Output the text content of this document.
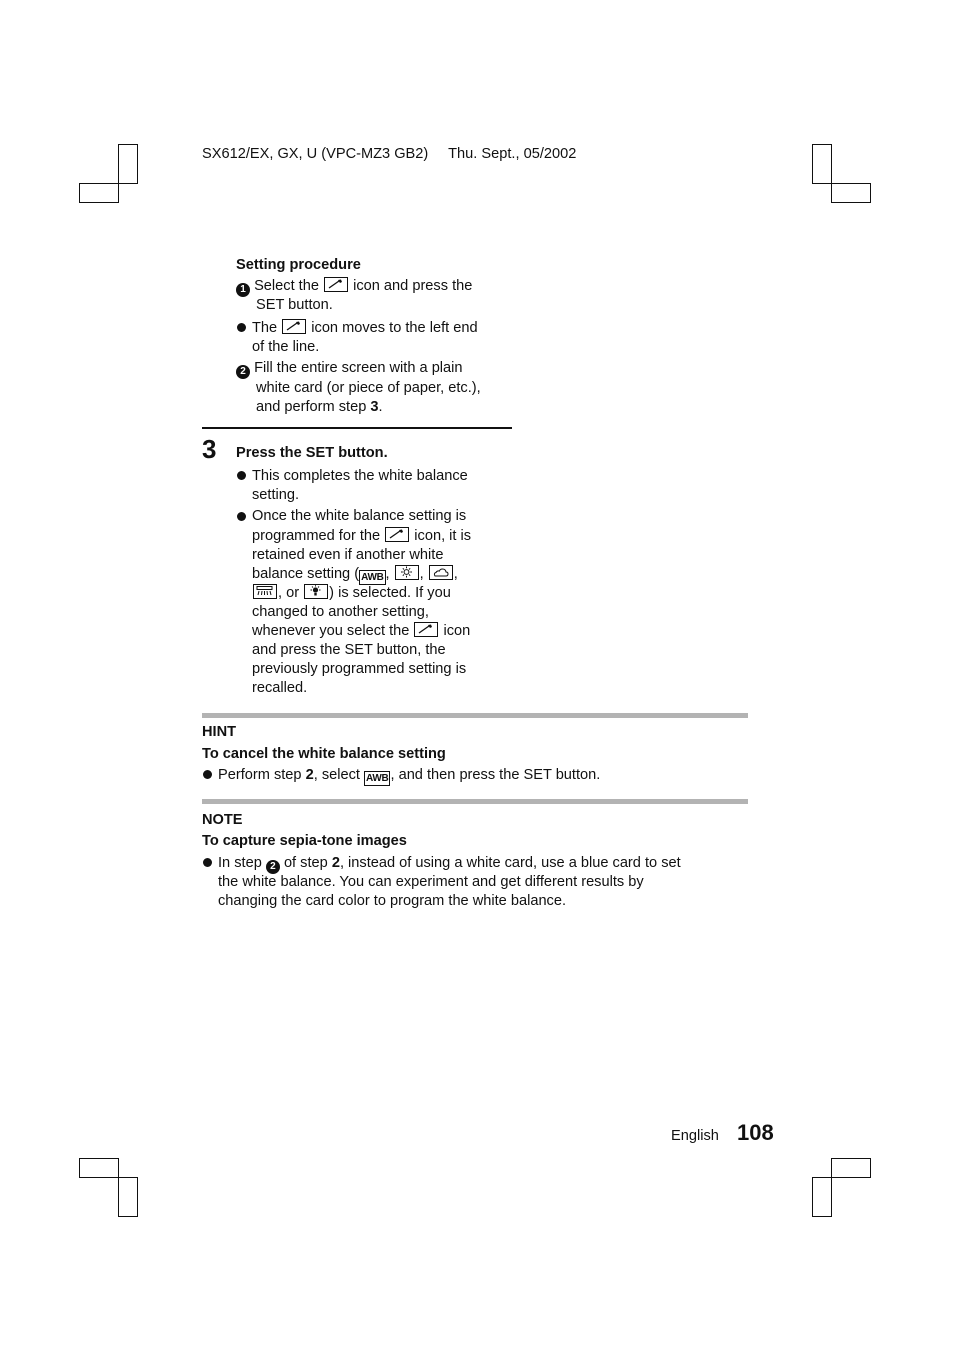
SX612/EX, GX, U (VPC-MZ3 GB2) Thu. Sept., 05/2002
Setting procedure
1 Select the icon and press the
SET button.
The icon moves to the left end
of the line.
2 Fill the entire screen with a plain
white card (or piece of paper, etc.),
and perform step 3.
3 Press the SET button.
This completes the white balance
setting.
Once the white balance setting is
programmed for the icon, it is
retained even if another white
balance setting ( AWB , , ,
, or ) is selected. If you
changed to another setting,
whenever you select the icon
and press the SET button, the
previously programmed setting is
recalled.
HINT
To cancel the white balance setting
Perform step 2, select AWB , and then press the SET button.
NOTE
To capture sepia-tone images
In step 2 of step 2, instead of using a white card, use a blue card to set
the white balance. You can experiment and get different results by
changing the card color to program the white balance.
English 108
